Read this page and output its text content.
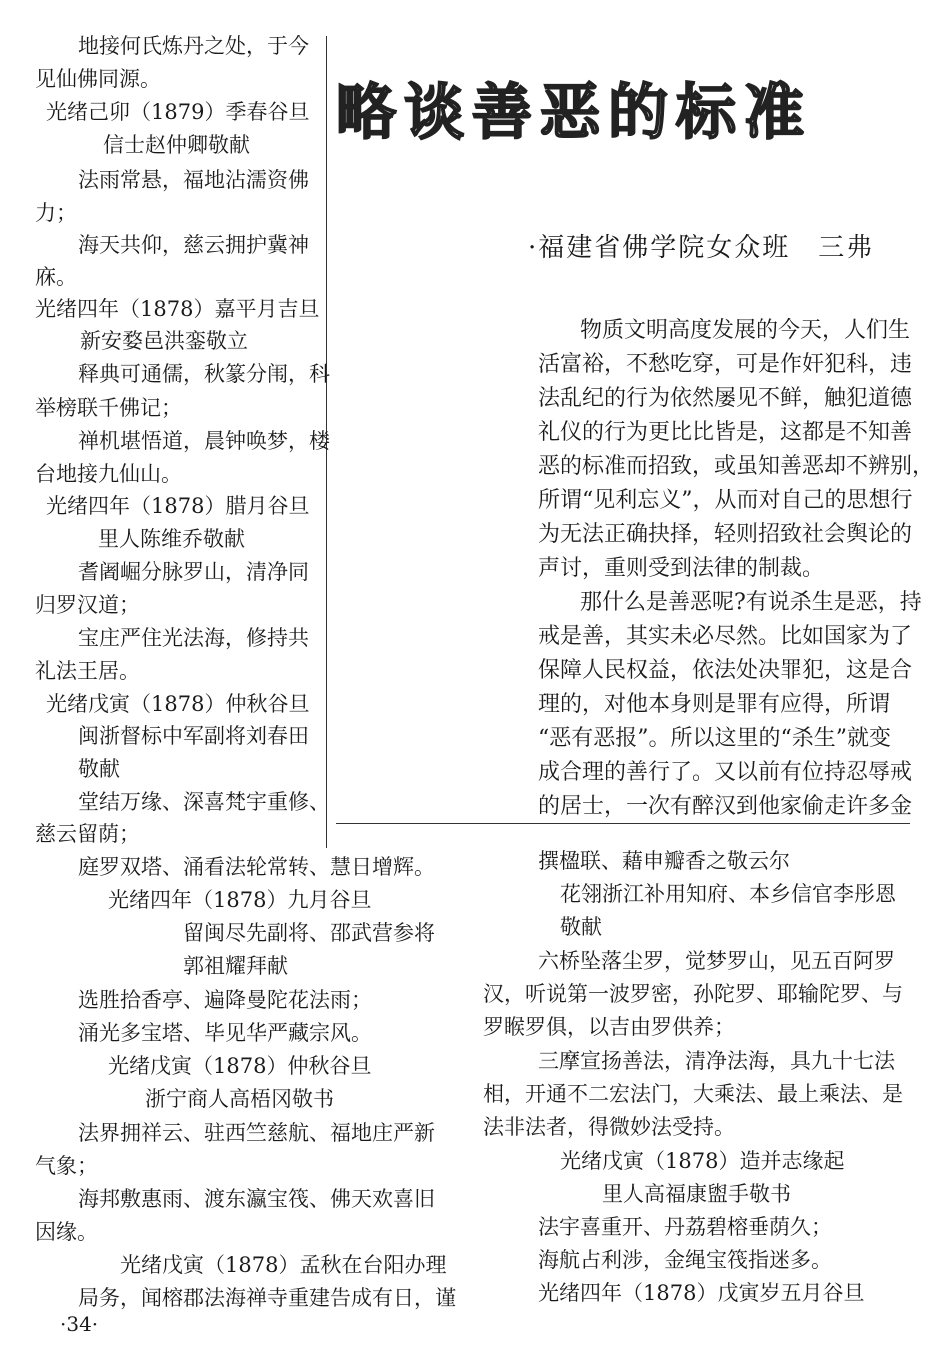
略谈善恶的标准
·福建省佛学院女众班　三弗
地接何氏炼丹之处，于今
见仙佛同源。
光绪己卯（1879）季春谷旦
信士赵仲卿敬献
法雨常悬，福地沾濡资佛
力；
海天共仰，慈云拥护冀神
庥。
光绪四年（1878）嘉平月吉旦
新安婺邑洪銮敬立
释典可通儒，秋篆分闱，科
举榜联千佛记；
禅机堪悟道，晨钟唤梦，楼
台地接九仙山。
光绪四年（1878）腊月谷旦
里人陈维乔敬献
耆阇崛分脉罗山，清净同
归罗汉道；
宝庄严住光法海，修持共
礼法王居。
光绪戊寅（1878）仲秋谷旦
闽浙督标中军副将刘春田
敬献
堂结万缘、深喜梵宇重修、
慈云留荫；
物质文明高度发展的今天，人们生
活富裕，不愁吃穿，可是作奸犯科，违
法乱纪的行为依然屡见不鲜，触犯道德
礼仪的行为更比比皆是，这都是不知善
恶的标准而招致，或虽知善恶却不辨别，
所谓“见利忘义”，从而对自己的思想行
为无法正确抉择，轻则招致社会舆论的
声讨，重则受到法律的制裁。
那什么是善恶呢?有说杀生是恶，持
戒是善，其实未必尽然。比如国家为了
保障人民权益，依法处决罪犯，这是合
理的，对他本身则是罪有应得，所谓
“恶有恶报”。所以这里的“杀生”就变
成合理的善行了。又以前有位持忍辱戒
的居士，一次有醉汉到他家偷走许多金
庭罗双塔、涌看法轮常转、慧日增辉。
光绪四年（1878）九月谷旦
留闽尽先副将、邵武营参将
郭祖耀拜献
选胜拾香亭、遍降曼陀花法雨；
涌光多宝塔、毕见华严藏宗风。
光绪戊寅（1878）仲秋谷旦
浙宁商人高梧冈敬书
法界拥祥云、驻西竺慈航、福地庄严新
气象；
海邦敷惠雨、渡东瀛宝筏、佛天欢喜旧
因缘。
光绪戊寅（1878）孟秋在台阳办理
局务，闻榕郡法海禅寺重建告成有日，谨
撰楹联、藉申瓣香之敬云尔
花翎浙江补用知府、本乡信官李彤恩
敬献
六桥坠落尘罗，觉梦罗山，见五百阿罗
汉，听说第一波罗密，孙陀罗、耶输陀罗、与
罗睺罗俱，以吉由罗供养；
三摩宣扬善法，清净法海，具九十七法
相，开通不二宏法门，大乘法、最上乘法、是
法非法者，得微妙法受持。
光绪戊寅（1878）造并志缘起
里人高福康盥手敬书
法宇喜重开、丹荔碧榕垂荫久；
海航占利涉，金绳宝筏指迷多。
光绪四年（1878）戊寅岁五月谷旦
·34·
